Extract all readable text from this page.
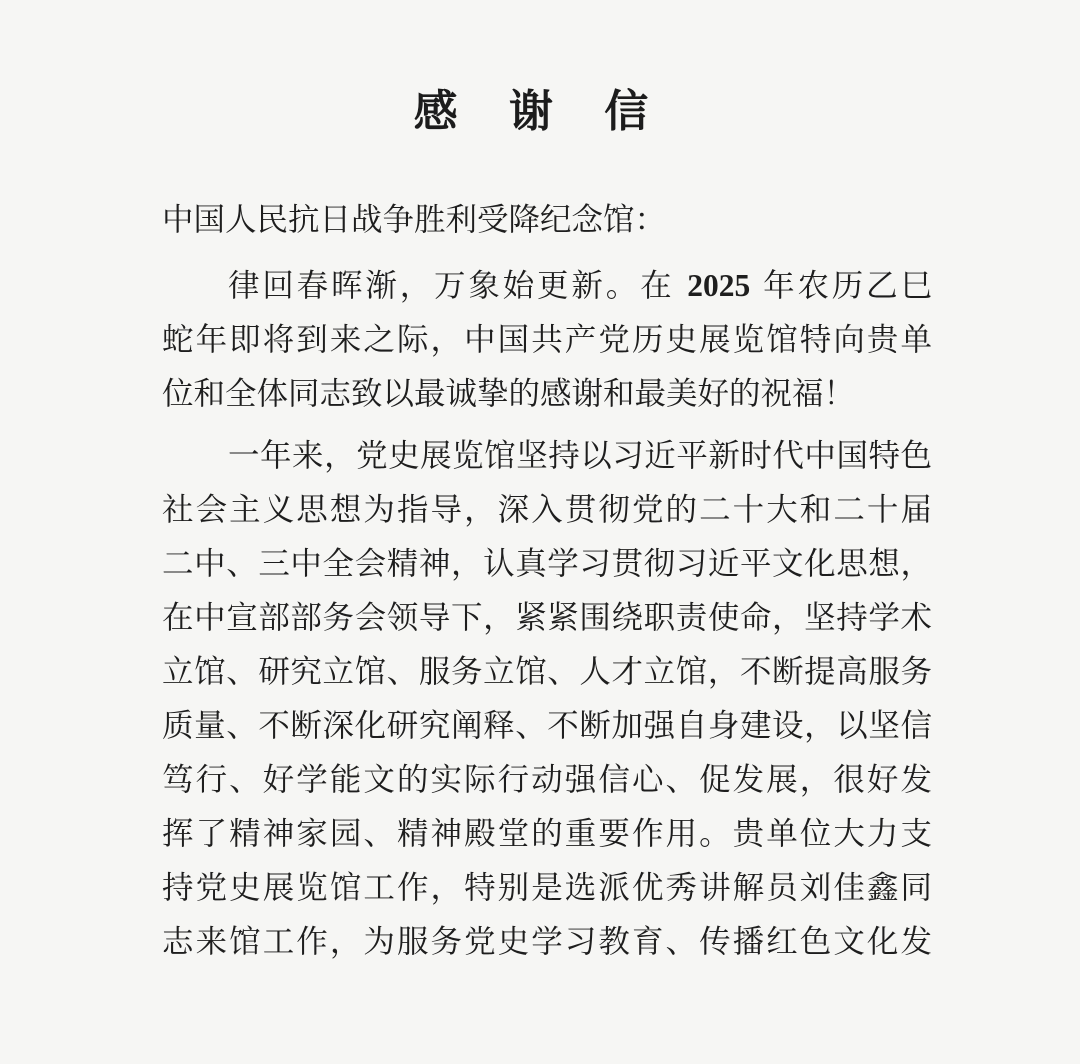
感 谢 信
中国人民抗日战争胜利受降纪念馆：
律回春晖渐，万象始更新。在 2025 年农历乙巳
蛇年即将到来之际，中国共产党历史展览馆特向贵单
位和全体同志致以最诚挚的感谢和最美好的祝福！
一年来，党史展览馆坚持以习近平新时代中国特色
社会主义思想为指导，深入贯彻党的二十大和二十届
二中、三中全会精神，认真学习贯彻习近平文化思想，
在中宣部部务会领导下，紧紧围绕职责使命，坚持学术
立馆、研究立馆、服务立馆、人才立馆，不断提高服务
质量、不断深化研究阐释、不断加强自身建设，以坚信
笃行、好学能文的实际行动强信心、促发展，很好发
挥了精神家园、精神殿堂的重要作用。贵单位大力支
持党史展览馆工作，特别是选派优秀讲解员刘佳鑫同
志来馆工作，为服务党史学习教育、传播红色文化发
